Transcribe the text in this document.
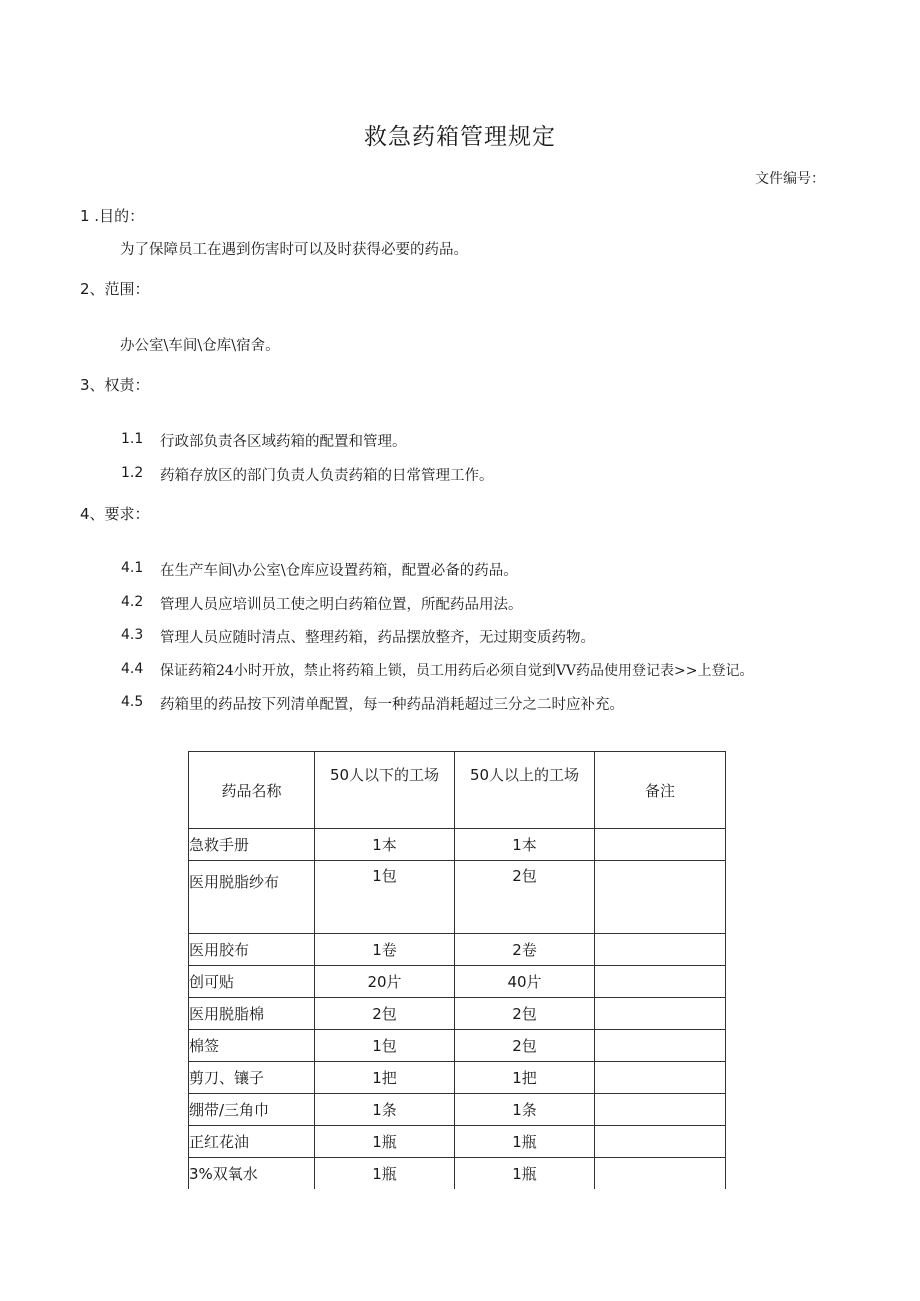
救急药箱管理规定
文件编号：
1 .目的：
为了保障员工在遇到伤害时可以及时获得必要的药品。
2、范围：
办公室\车间\仓库\宿舍。
3、权责：
1.1 行政部负责各区域药箱的配置和管理。
1.2 药箱存放区的部门负责人负责药箱的日常管理工作。
4、要求：
4.1 在生产车间\办公室\仓库应设置药箱，配置必备的药品。
4.2 管理人员应培训员工使之明白药箱位置，所配药品用法。
4.3 管理人员应随时清点、整理药箱，药品摆放整齐，无过期变质药物。
4.4 保证药箱24小时开放，禁止将药箱上锁，员工用药后必须自觉到VV药品使用登记表>>上登记。
4.5 药箱里的药品按下列清单配置，每一种药品消耗超过三分之二时应补充。
药品名称	50人以下的工场	50人以上的工场	备注
急救手册	1本	1本	
医用脱脂纱布	1包	2包	
医用胶布	1卷	2卷	
创可贴	20片	40片	
医用脱脂棉	2包	2包	
棉签	1包	2包	
剪刀、镶子	1把	1把	
绷带/三角巾	1条	1条	
正红花油	1瓶	1瓶	
3%双氧水	1瓶	1瓶	
